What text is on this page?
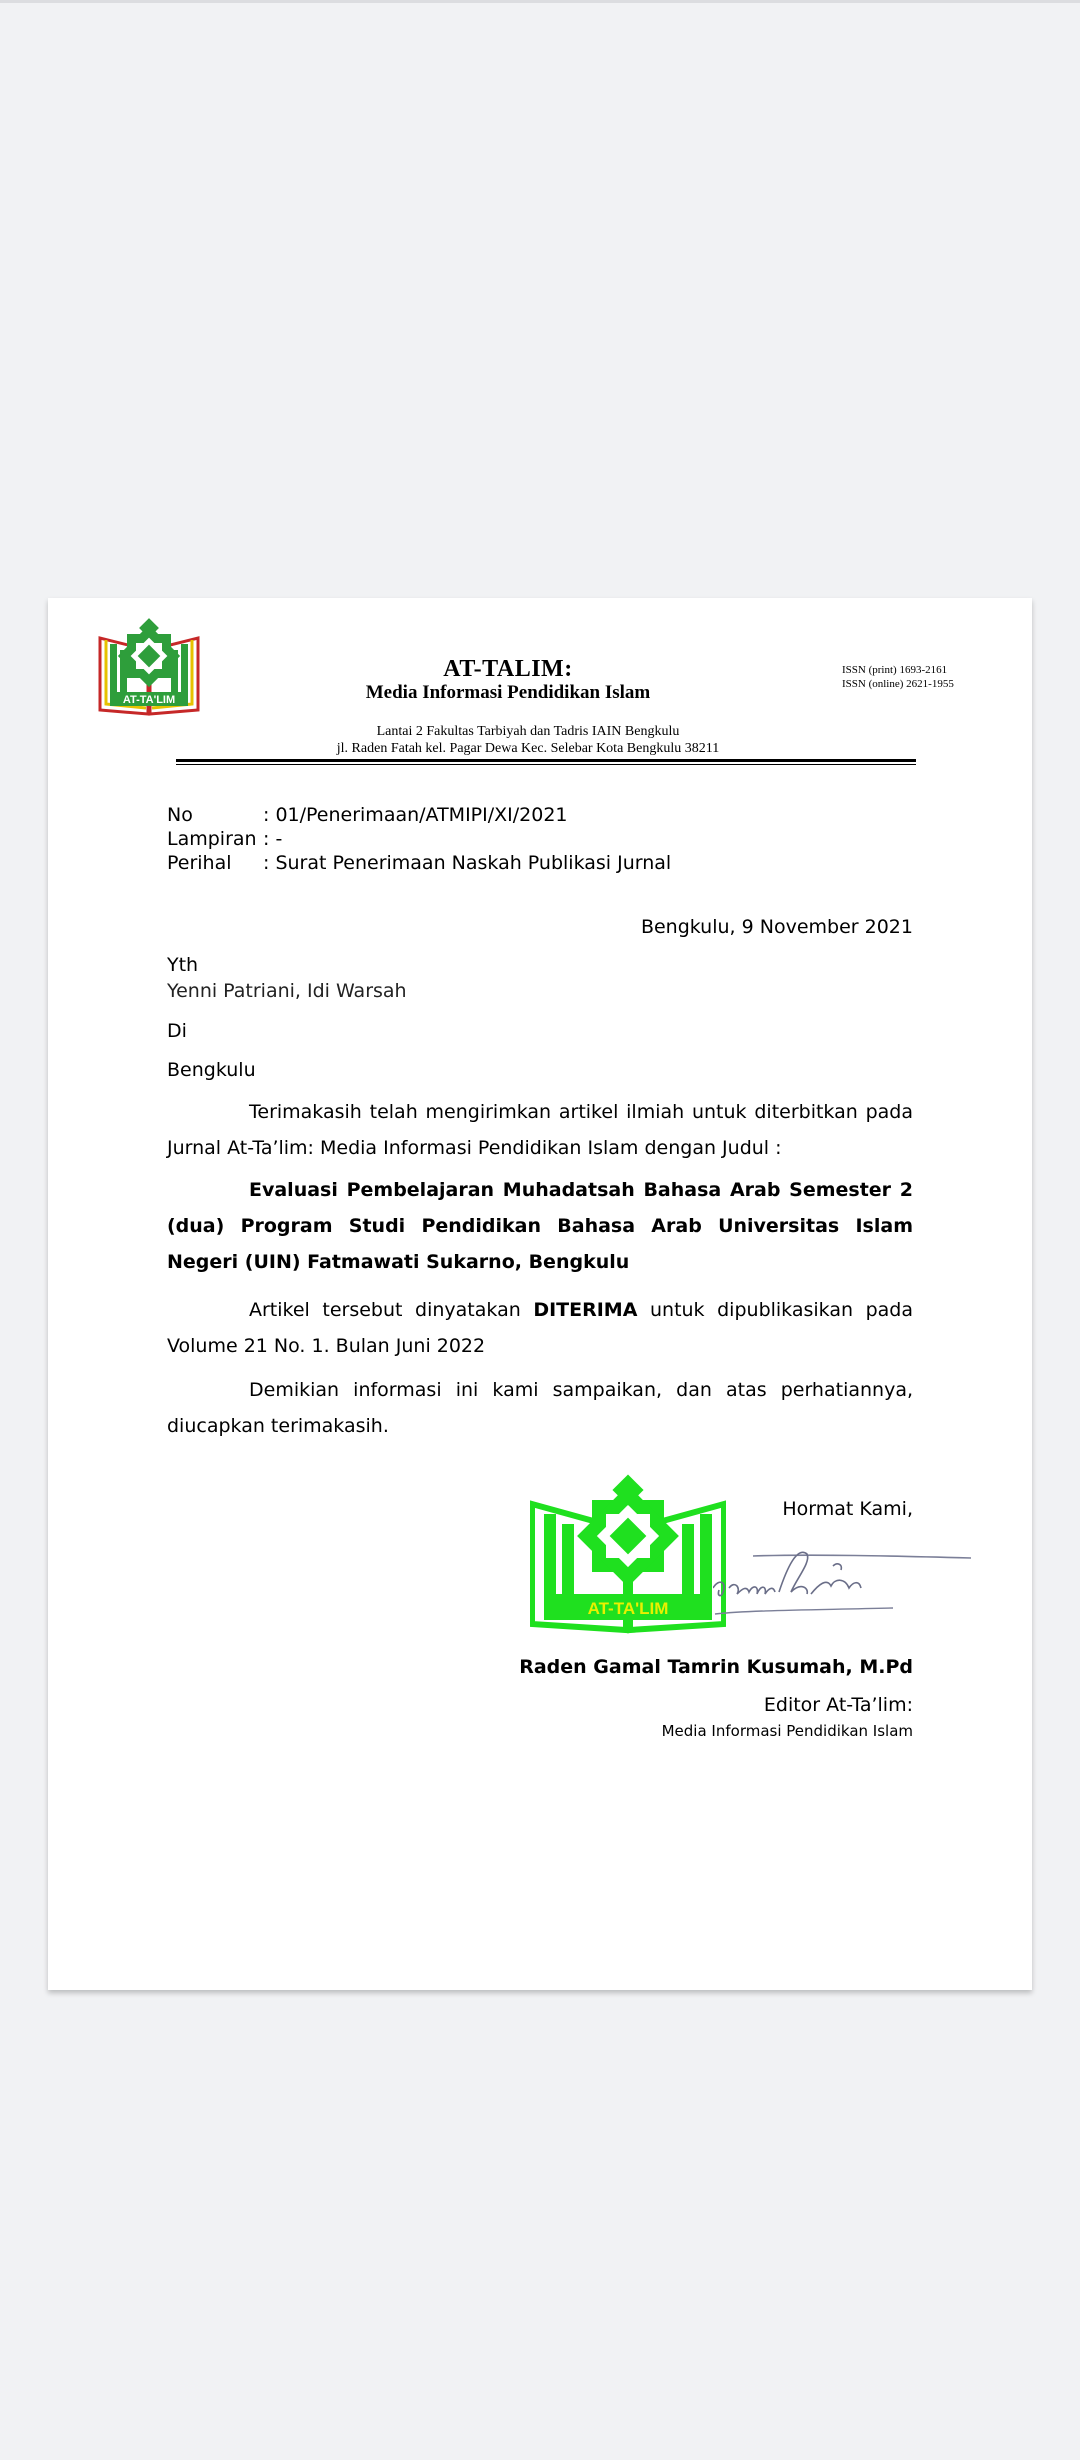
AT-TA'LIM
AT-TALIM:
Media Informasi Pendidikan Islam
ISSN (print) 1693-2161
ISSN (online) 2621-1955
Lantai 2 Fakultas Tarbiyah dan Tadris IAIN Bengkulu
jl. Raden Fatah kel. Pagar Dewa Kec. Selebar Kota Bengkulu 38211
No	: 01/Penerimaan/ATMIPI/XI/2021
Lampiran : -
Perihal : Surat Penerimaan Naskah Publikasi Jurnal
Bengkulu, 9 November 2021
Yth
Yenni Patriani, Idi Warsah
Di
Bengkulu
Terimakasih telah mengirimkan artikel ilmiah untuk diterbitkan pada Jurnal At-Ta’lim: Media Informasi Pendidikan Islam dengan Judul :
Evaluasi Pembelajaran Muhadatsah Bahasa Arab Semester 2 (dua) Program Studi Pendidikan Bahasa Arab Universitas Islam Negeri (UIN) Fatmawati Sukarno, Bengkulu
Artikel tersebut dinyatakan DITERIMA untuk dipublikasikan pada Volume 21 No. 1. Bulan Juni 2022
Demikian informasi ini kami sampaikan, dan atas perhatiannya, diucapkan terimakasih.
Hormat Kami,
AT-TA'LIM
Raden Gamal Tamrin Kusumah, M.Pd
Editor At-Ta’lim:
Media Informasi Pendidikan Islam
